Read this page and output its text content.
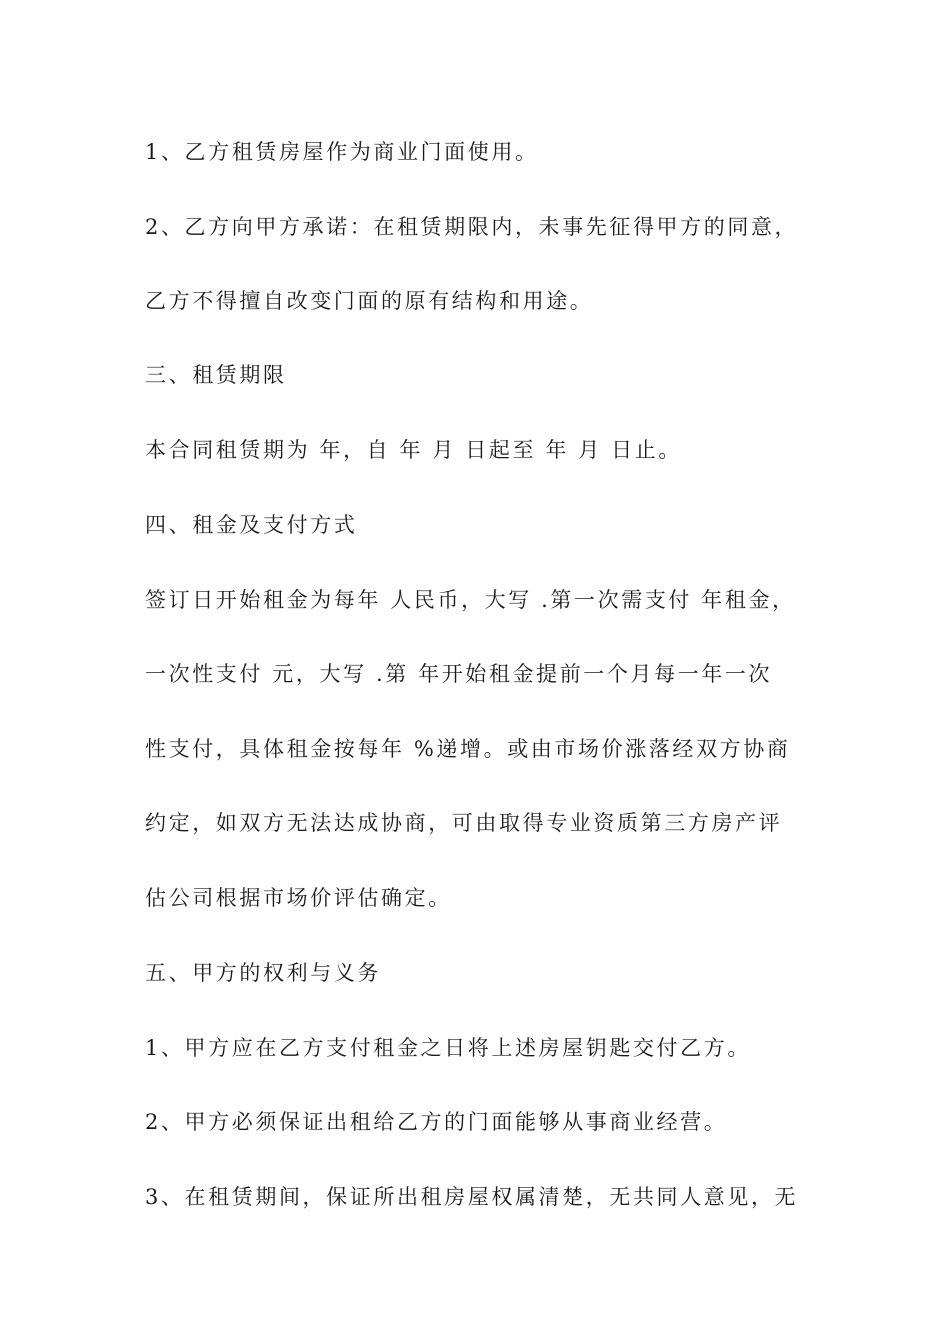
1、乙方租赁房屋作为商业门面使用。

2、乙方向甲方承诺：在租赁期限内，未事先征得甲方的同意，

乙方不得擅自改变门面的原有结构和用途。

三、租赁期限

本合同租赁期为 年，自 年 月 日起至 年 月 日止。

四、租金及支付方式

签订日开始租金为每年 人民币，大写 .第一次需支付 年租金，

一次性支付 元，大写 .第 年开始租金提前一个月每一年一次

性支付，具体租金按每年 %递增。或由市场价涨落经双方协商

约定，如双方无法达成协商，可由取得专业资质第三方房产评

估公司根据市场价评估确定。

五、甲方的权利与义务

1、甲方应在乙方支付租金之日将上述房屋钥匙交付乙方。

2、甲方必须保证出租给乙方的门面能够从事商业经营。

3、在租赁期间，保证所出租房屋权属清楚，无共同人意见，无
